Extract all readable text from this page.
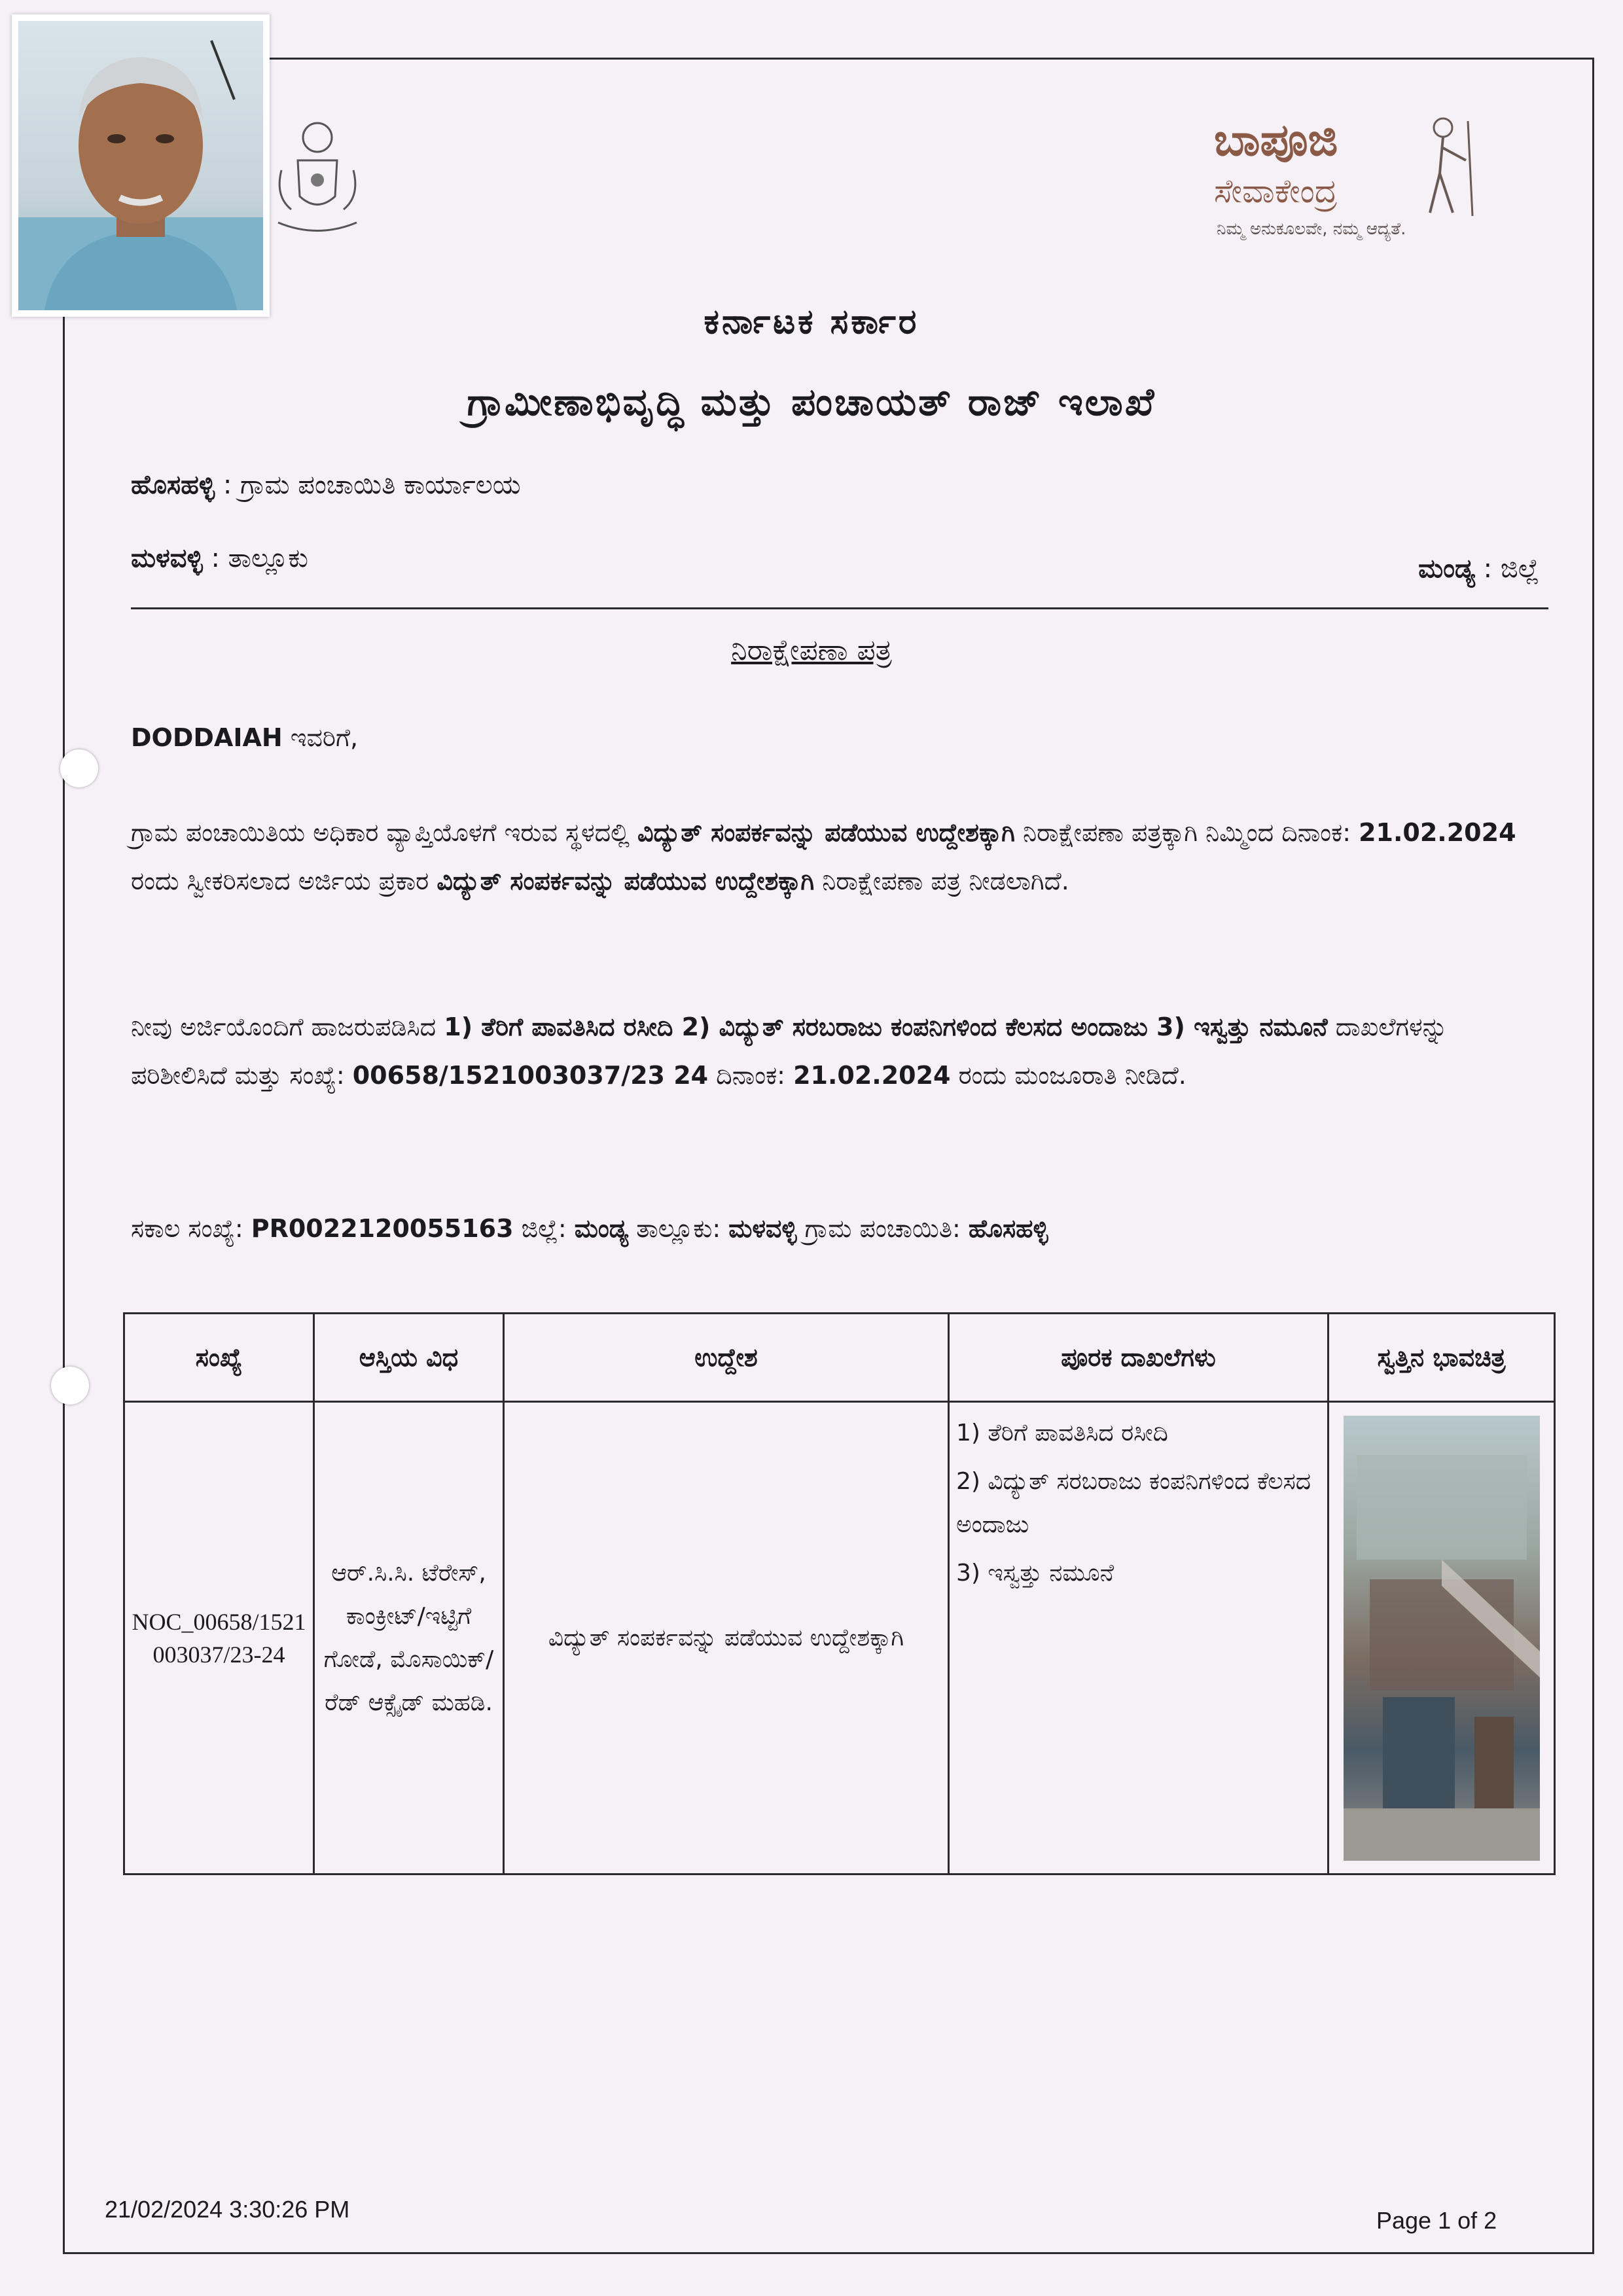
ಬಾಪೂಜಿ
ಸೇವಾಕೇಂದ್ರ
ನಿಮ್ಮ ಅನುಕೂಲವೇ, ನಮ್ಮ ಆದ್ಯತೆ.
ಕರ್ನಾಟಕ ಸರ್ಕಾರ
ಗ್ರಾಮೀಣಾಭಿವೃದ್ಧಿ ಮತ್ತು ಪಂಚಾಯತ್ ರಾಜ್ ಇಲಾಖೆ
ಹೊಸಹಳ್ಳಿ : ಗ್ರಾಮ ಪಂಚಾಯಿತಿ ಕಾರ್ಯಾಲಯ
ಮಳವಳ್ಳಿ : ತಾಲ್ಲೂಕು	ಮಂಡ್ಯ : ಜಿಲ್ಲೆ
ನಿರಾಕ್ಷೇಪಣಾ ಪತ್ರ
DODDAIAH ಇವರಿಗೆ,
ಗ್ರಾಮ ಪಂಚಾಯಿತಿಯ ಅಧಿಕಾರ ವ್ಯಾಪ್ತಿಯೊಳಗೆ ಇರುವ ಸ್ಥಳದಲ್ಲಿ ವಿದ್ಯುತ್ ಸಂಪರ್ಕವನ್ನು ಪಡೆಯುವ ಉದ್ದೇಶಕ್ಕಾಗಿ ನಿರಾಕ್ಷೇಪಣಾ ಪತ್ರಕ್ಕಾಗಿ ನಿಮ್ಮಿಂದ ದಿನಾಂಕ: 21.02.2024 ರಂದು ಸ್ವೀಕರಿಸಲಾದ ಅರ್ಜಿಯ ಪ್ರಕಾರ ವಿದ್ಯುತ್ ಸಂಪರ್ಕವನ್ನು ಪಡೆಯುವ ಉದ್ದೇಶಕ್ಕಾಗಿ ನಿರಾಕ್ಷೇಪಣಾ ಪತ್ರ ನೀಡಲಾಗಿದೆ.
ನೀವು ಅರ್ಜಿಯೊಂದಿಗೆ ಹಾಜರುಪಡಿಸಿದ 1) ತೆರಿಗೆ ಪಾವತಿಸಿದ ರಸೀದಿ 2) ವಿದ್ಯುತ್ ಸರಬರಾಜು ಕಂಪನಿಗಳಿಂದ ಕೆಲಸದ ಅಂದಾಜು 3) ಇಸ್ವತ್ತು ನಮೂನೆ ದಾಖಲೆಗಳನ್ನು ಪರಿಶೀಲಿಸಿದೆ ಮತ್ತು ಸಂಖ್ಯೆ: 00658/1521003037/23 24 ದಿನಾಂಕ: 21.02.2024 ರಂದು ಮಂಜೂರಾತಿ ನೀಡಿದೆ.
ಸಕಾಲ ಸಂಖ್ಯೆ: PR0022120055163 ಜಿಲ್ಲೆ: ಮಂಡ್ಯ ತಾಲ್ಲೂಕು: ಮಳವಳ್ಳಿ ಗ್ರಾಮ ಪಂಚಾಯಿತಿ: ಹೊಸಹಳ್ಳಿ
ಸಂಖ್ಯೆ	ಆಸ್ತಿಯ ವಿಧ	ಉದ್ದೇಶ	ಪೂರಕ ದಾಖಲೆಗಳು	ಸ್ವತ್ತಿನ ಭಾವಚಿತ್ರ
NOC_00658/1521003037/23-24	ಆರ್.ಸಿ.ಸಿ. ಟೆರೇಸ್, ಕಾಂಕ್ರೀಟ್/ಇಟ್ಟಿಗೆ ಗೋಡೆ, ಮೊಸಾಯಿಕ್/ರೆಡ್ ಆಕ್ಸೈಡ್ ಮಹಡಿ.	ವಿದ್ಯುತ್ ಸಂಪರ್ಕವನ್ನು ಪಡೆಯುವ ಉದ್ದೇಶಕ್ಕಾಗಿ	1) ತೆರಿಗೆ ಪಾವತಿಸಿದ ರಸೀದಿ
2) ವಿದ್ಯುತ್ ಸರಬರಾಜು ಕಂಪನಿಗಳಿಂದ ಕೆಲಸದ ಅಂದಾಜು
3) ಇಸ್ವತ್ತು ನಮೂನೆ

21/02/2024 3:30:26 PM	Page 1 of 2
